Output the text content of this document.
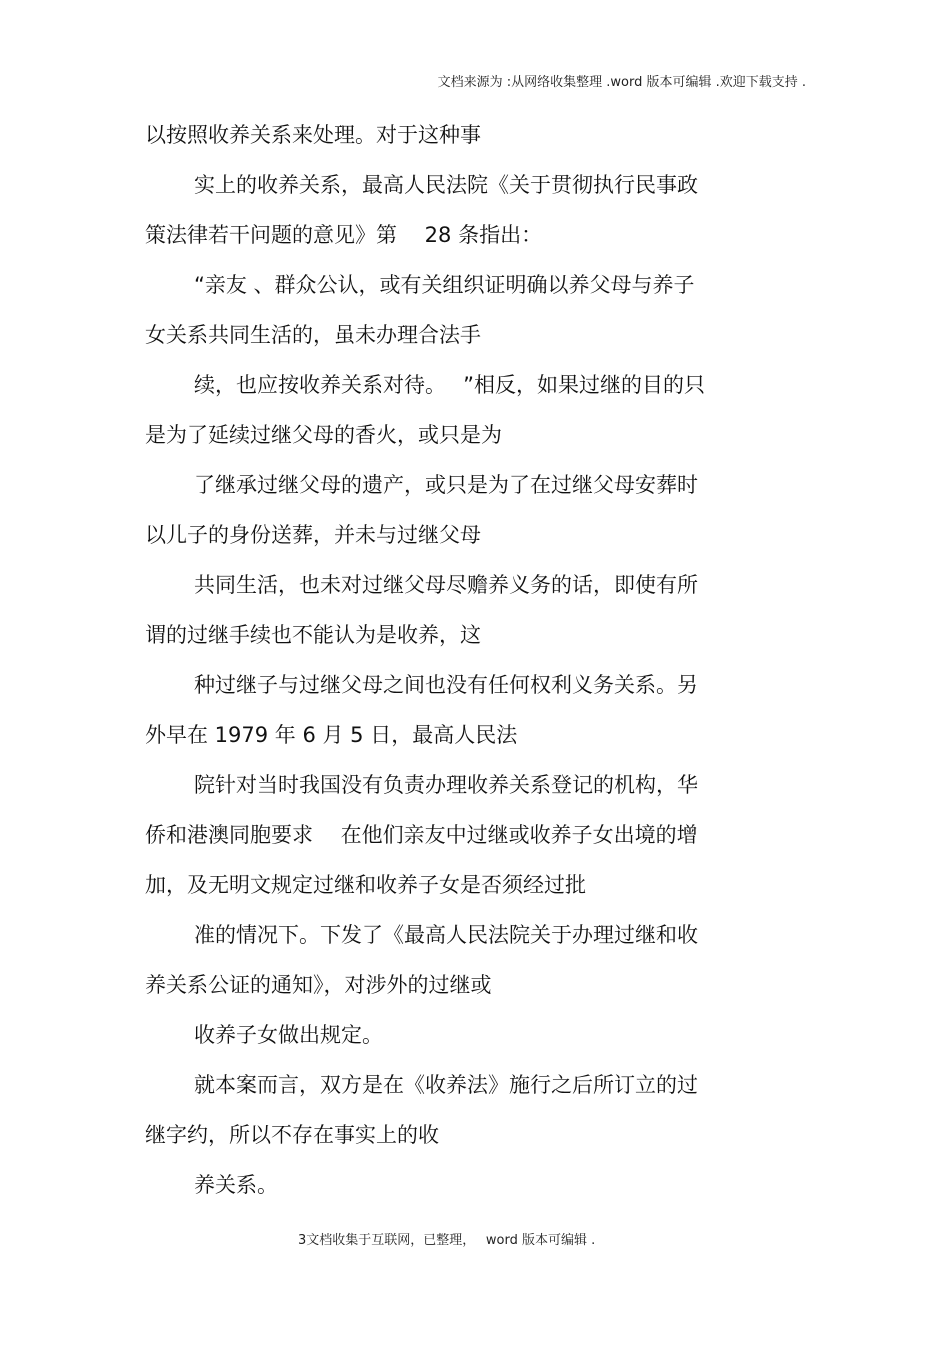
文档来源为 :从网络收集整理 .word 版本可编辑 .欢迎下载支持 .
以按照收养关系来处理。对于这种事
实上的收养关系，最高人民法院《关于贯彻执行民事政
策法律若干问题的意见》第　 28 条指出：
“亲友 、群众公认，或有关组织证明确以养父母与养子
女关系共同生活的，虽未办理合法手
续，也应按收养关系对待。　 ”相反，如果过继的目的只
是为了延续过继父母的香火，或只是为
了继承过继父母的遗产，或只是为了在过继父母安葬时
以儿子的身份送葬，并未与过继父母
共同生活，也未对过继父母尽赡养义务的话，即使有所
谓的过继手续也不能认为是收养，这
种过继子与过继父母之间也没有任何权利义务关系。另
外早在 1979 年 6 月 5 日，最高人民法
院针对当时我国没有负责办理收养关系登记的机构，华
侨和港澳同胞要求　 在他们亲友中过继或收养子女出境的增
加，及无明文规定过继和收养子女是否须经过批
准的情况下。下发了《最高人民法院关于办理过继和收
养关系公证的通知》，对涉外的过继或
收养子女做出规定。
就本案而言，双方是在《收养法》施行之后所订立的过
继字约，所以不存在事实上的收
养关系。
3文档收集于互联网，已整理，　 word 版本可编辑 .
